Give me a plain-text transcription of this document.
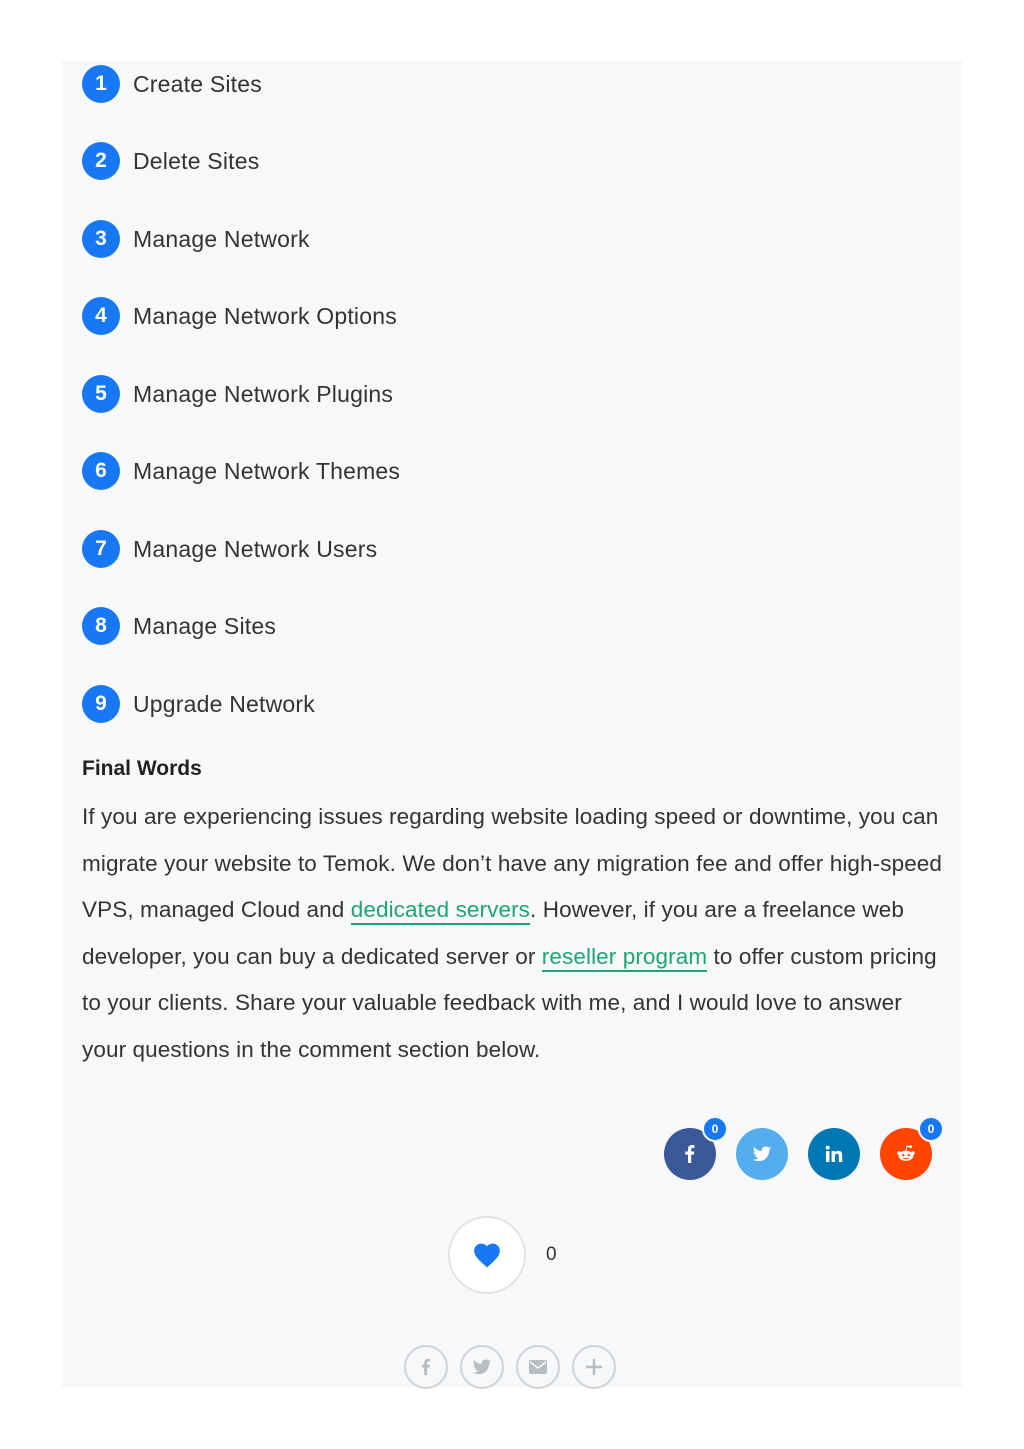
1	Create Sites
2	Delete Sites
3	Manage Network
4	Manage Network Options
5	Manage Network Plugins
6	Manage Network Themes
7	Manage Network Users
8	Manage Sites
9	Upgrade Network
Final Words

If you are experiencing issues regarding website loading speed or downtime, you can migrate your website to Temok. We don’t have any migration fee and offer high-speed VPS, managed Cloud and dedicated servers. However, if you are a freelance web developer, you can buy a dedicated server or reseller program to offer custom pricing to your clients. Share your valuable feedback with me, and I would love to answer your questions in the comment section below.

0	0
0
